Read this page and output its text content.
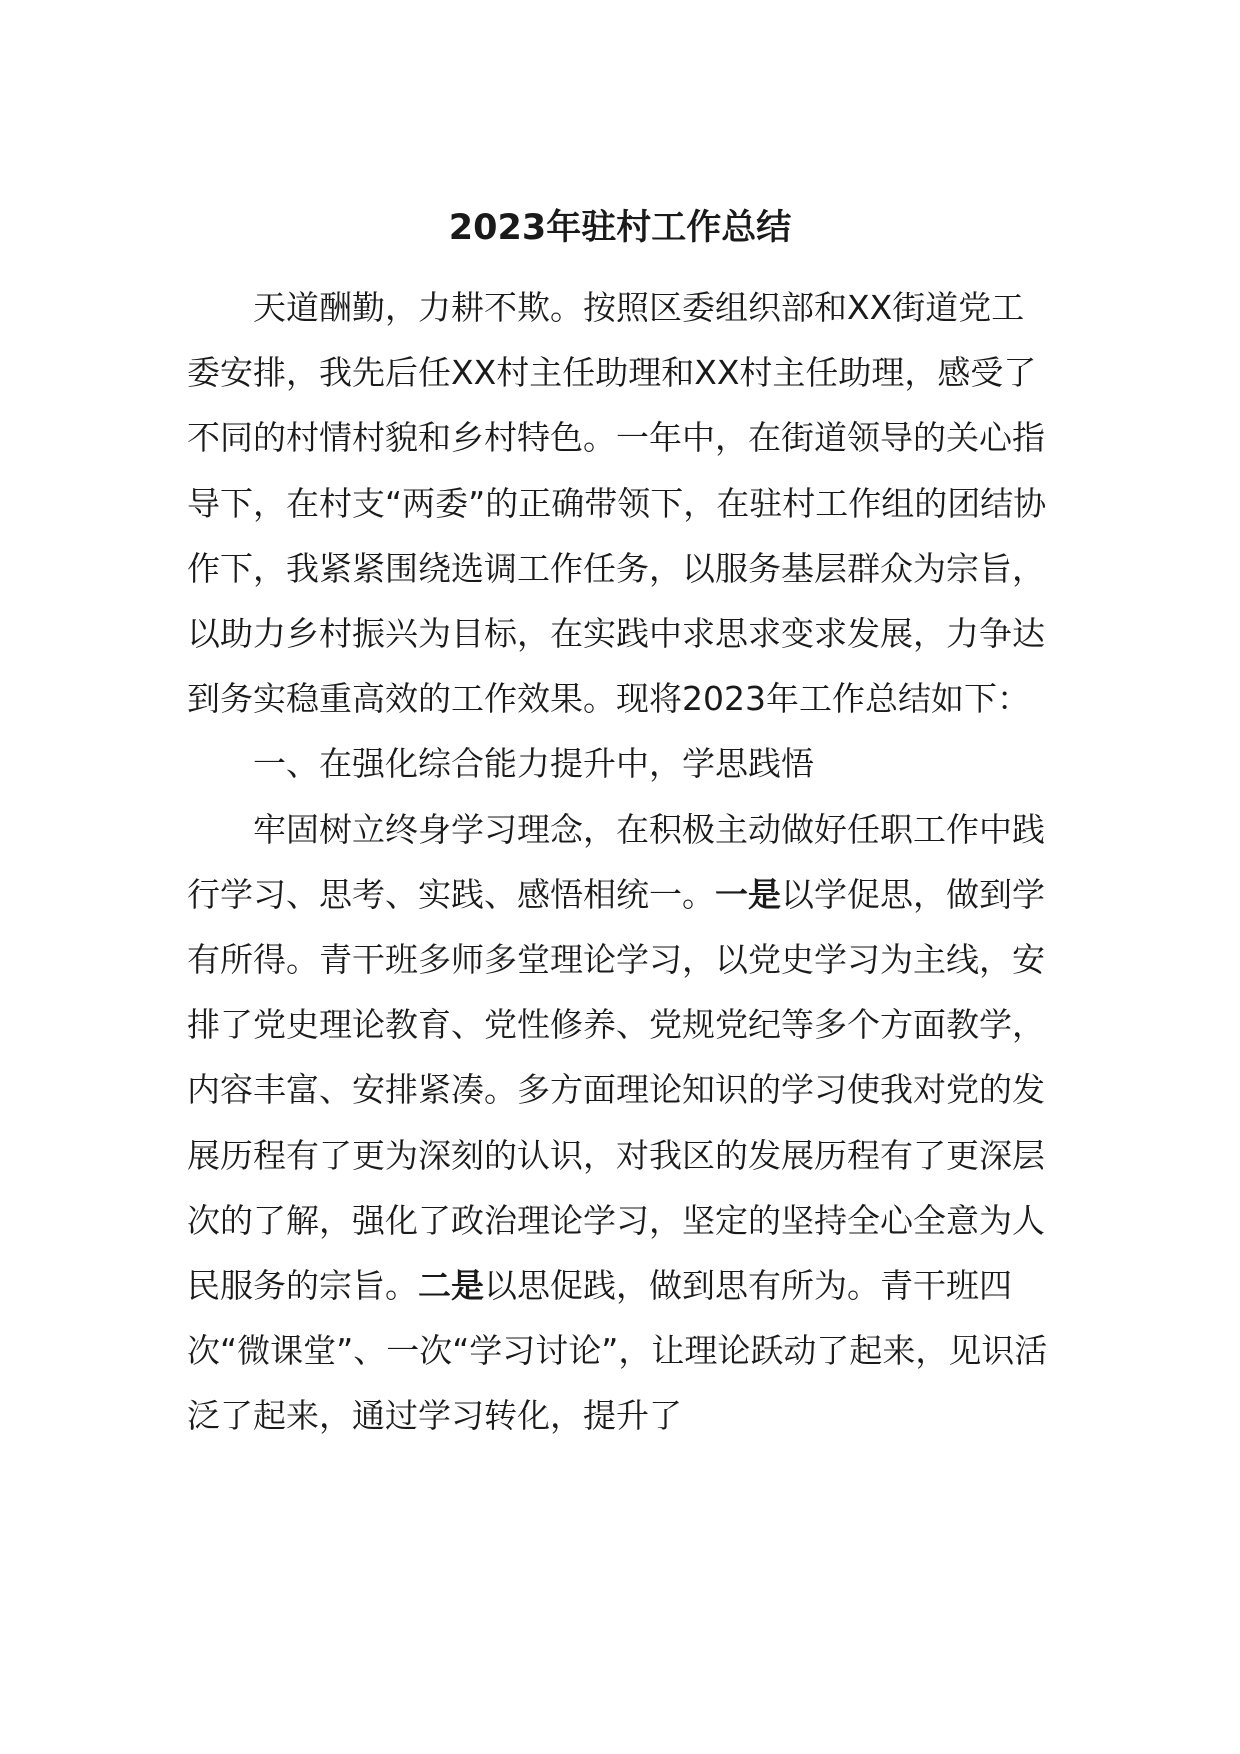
2023年驻村工作总结

天道酬勤，力耕不欺。按照区委组织部和XX街道党工委安排，我先后任XX村主任助理和XX村主任助理，感受了不同的村情村貌和乡村特色。一年中，在街道领导的关心指导下，在村支“两委”的正确带领下，在驻村工作组的团结协作下，我紧紧围绕选调工作任务，以服务基层群众为宗旨，以助力乡村振兴为目标，在实践中求思求变求发展，力争达到务实稳重高效的工作效果。现将2023年工作总结如下：

一、在强化综合能力提升中，学思践悟

牢固树立终身学习理念，在积极主动做好任职工作中践行学习、思考、实践、感悟相统一。一是以学促思，做到学有所得。青干班多师多堂理论学习，以党史学习为主线，安排了党史理论教育、党性修养、党规党纪等多个方面教学，内容丰富、安排紧凑。多方面理论知识的学习使我对党的发展历程有了更为深刻的认识，对我区的发展历程有了更深层次的了解，强化了政治理论学习，坚定的坚持全心全意为人民服务的宗旨。二是以思促践，做到思有所为。青干班四次“微课堂”、一次“学习讨论”，让理论跃动了起来，见识活泛了起来，通过学习转化，提升了
